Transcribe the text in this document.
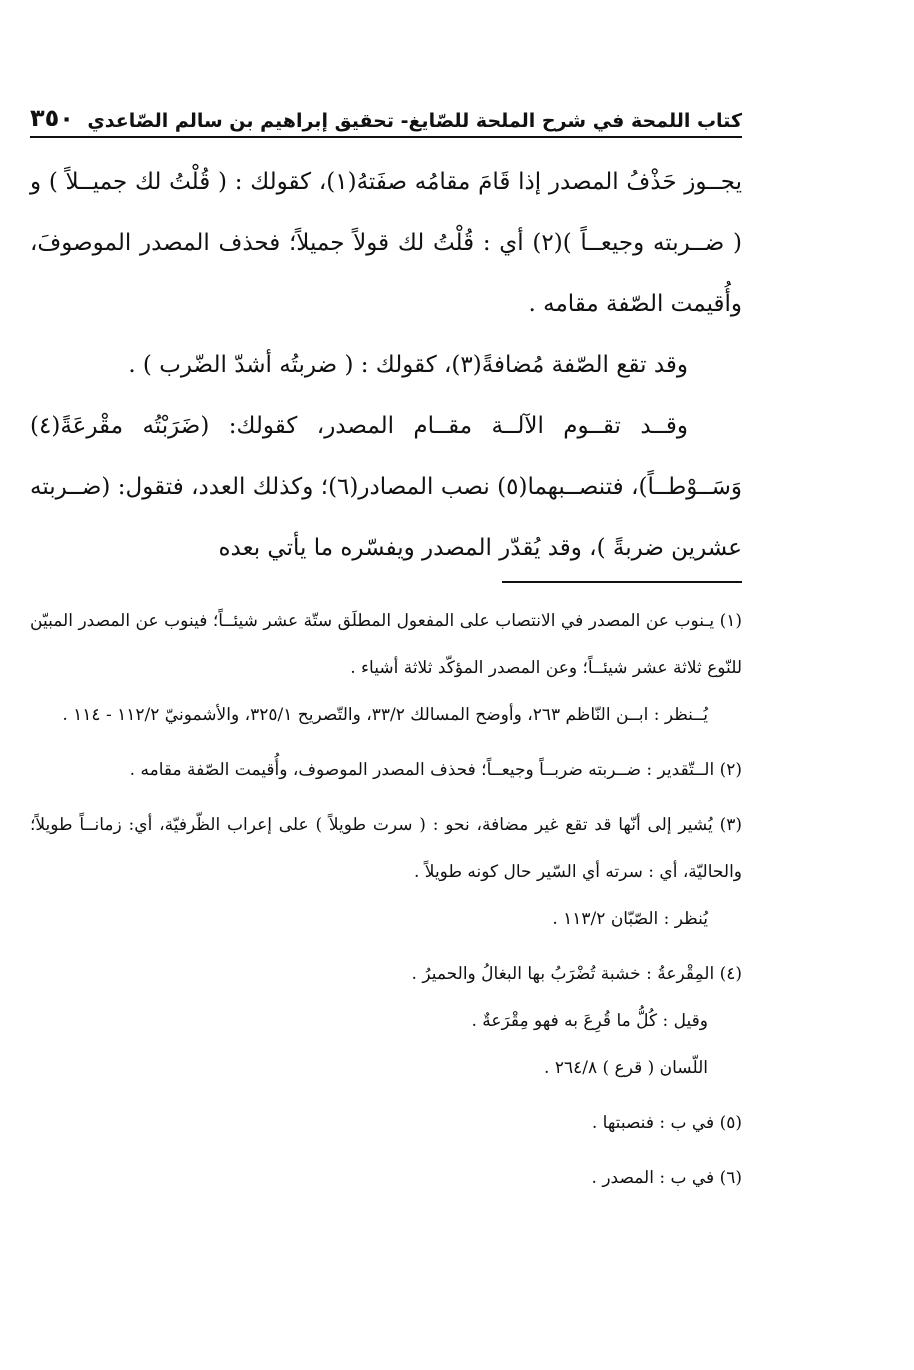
كتاب اللمحة في شرح الملحة للصّايغ- تحقيق إبراهيم بن سالم الصّاعدي
٣٥٠

يجــوز حَذْفُ المصدر إذا قَامَ مقامُه صفَتهُ(١)، كقولك : ( قُلْتُ لك جميــلاً ) و ( ضــربته وجيعــاً )(٢) أي : قُلْتُ لك قولاً جميلاً؛ فحذف المصدر الموصوفَ، وأُقيمت الصّفة مقامه .

وقد تقع الصّفة مُضافةً(٣)، كقولك : ( ضربتُه أشدّ الضّرب ) .

وقــد تقــوم الآلــة مقــام المصدر، كقولك: (ضَرَبْتُه مقْرعَةً(٤) وَسَــوْطــاً)، فتنصــبهما(٥) نصب المصادر(٦)؛ وكذلك العدد، فتقول: (ضــربته عشرين ضربةً )، وقد يُقدّر المصدر ويفسّره ما يأتي بعده

(١) يـنوب عن المصدر في الانتصاب على المفعول المطلَق ستّة عشر شيئــاً؛ فينوب عن المصدر المبيّن للنّوع ثلاثة عشر شيئــاً؛ وعن المصدر المؤكّد ثلاثة أشياء .

يُــنظر : ابــن النّاظم ٢٦٣، وأوضح المسالك ٣٣/٢، والتّصريح ٣٢٥/١، والأشمونيّ ١١٢/٢ - ١١٤ .

(٢) الــتّقدير : ضــربته ضربــاً وجيعــاً؛ فحذف المصدر الموصوف، وأُقيمت الصّفة مقامه .

(٣) يُشير إلى أنّها قد تقع غير مضافة، نحو : ( سرت طويلاً ) على إعراب الظّرفيّة، أي: زمانــاً طويلاً؛ والحاليّة، أي : سرته أي السّير حال كونه طويلاً .

يُنظر : الصّبّان ١١٣/٢ .

(٤) المِقْرعةُ : خشبة تُضْرَبُ بها البغالُ والحميرُ .

وقيل : كُلُّ ما قُرِعَ به فهو مِقْرَعةٌ .

اللّسان ( قرع ) ٢٦٤/٨ .

(٥) في ب : فنصبتها .

(٦) في ب : المصدر .
